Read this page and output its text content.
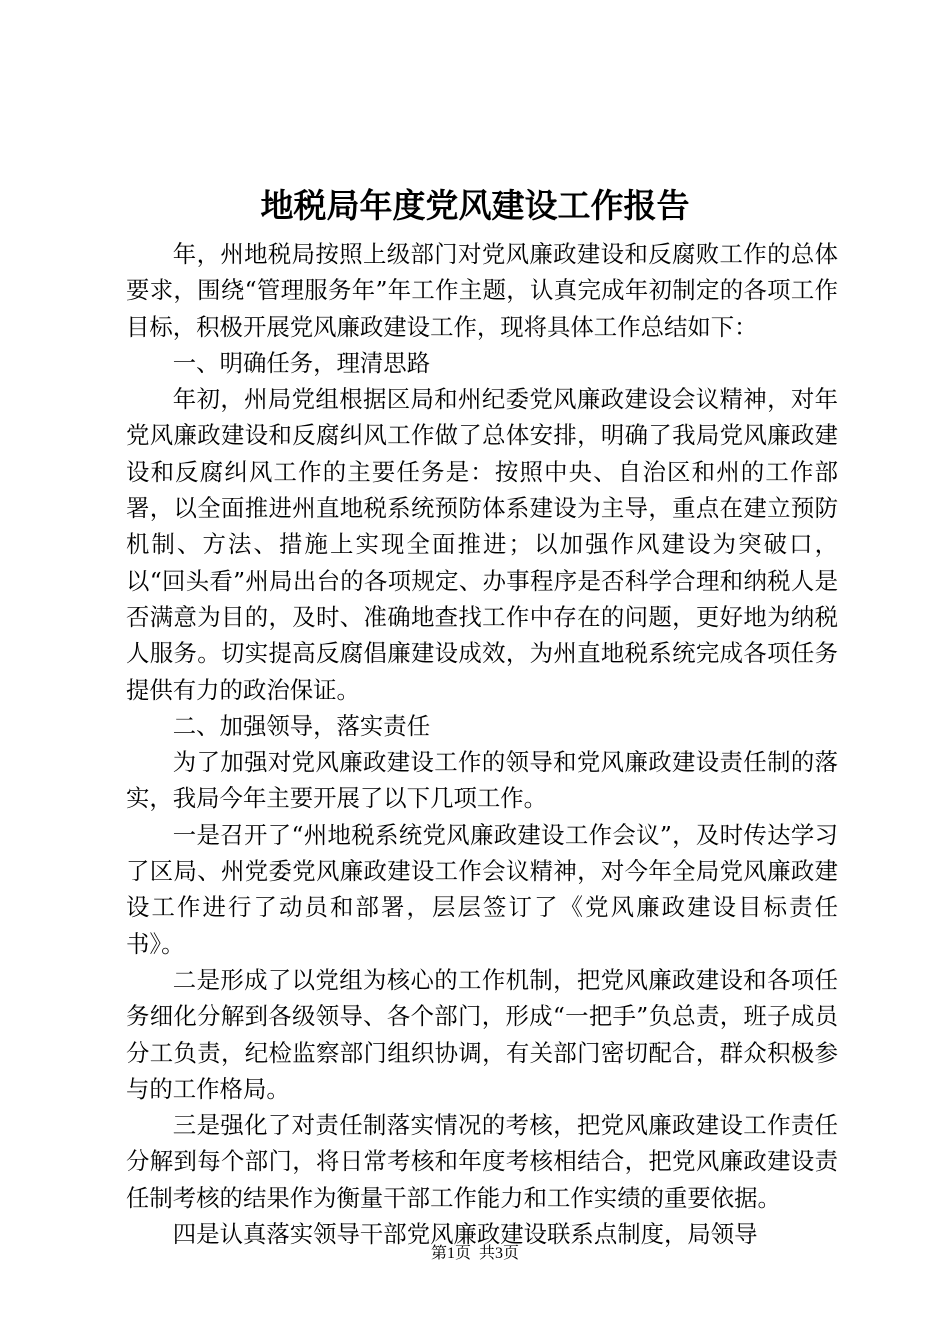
地税局年度党风建设工作报告

年，州地税局按照上级部门对党风廉政建设和反腐败工作的总体要求，围绕“管理服务年”年工作主题，认真完成年初制定的各项工作目标，积极开展党风廉政建设工作，现将具体工作总结如下：

一、明确任务，理清思路

年初，州局党组根据区局和州纪委党风廉政建设会议精神，对年党风廉政建设和反腐纠风工作做了总体安排，明确了我局党风廉政建设和反腐纠风工作的主要任务是：按照中央、自治区和州的工作部署，以全面推进州直地税系统预防体系建设为主导，重点在建立预防机制、方法、措施上实现全面推进；以加强作风建设为突破口，以“回头看”州局出台的各项规定、办事程序是否科学合理和纳税人是否满意为目的，及时、准确地查找工作中存在的问题，更好地为纳税人服务。切实提高反腐倡廉建设成效，为州直地税系统完成各项任务提供有力的政治保证。

二、加强领导，落实责任

为了加强对党风廉政建设工作的领导和党风廉政建设责任制的落实，我局今年主要开展了以下几项工作。

一是召开了“州地税系统党风廉政建设工作会议”，及时传达学习了区局、州党委党风廉政建设工作会议精神，对今年全局党风廉政建设工作进行了动员和部署，层层签订了《党风廉政建设目标责任书》。

二是形成了以党组为核心的工作机制，把党风廉政建设和各项任务细化分解到各级领导、各个部门，形成“一把手”负总责，班子成员分工负责，纪检监察部门组织协调，有关部门密切配合，群众积极参与的工作格局。

三是强化了对责任制落实情况的考核，把党风廉政建设工作责任分解到每个部门，将日常考核和年度考核相结合，把党风廉政建设责任制考核的结果作为衡量干部工作能力和工作实绩的重要依据。

四是认真落实领导干部党风廉政建设联系点制度，局领导

第1页  共3页
